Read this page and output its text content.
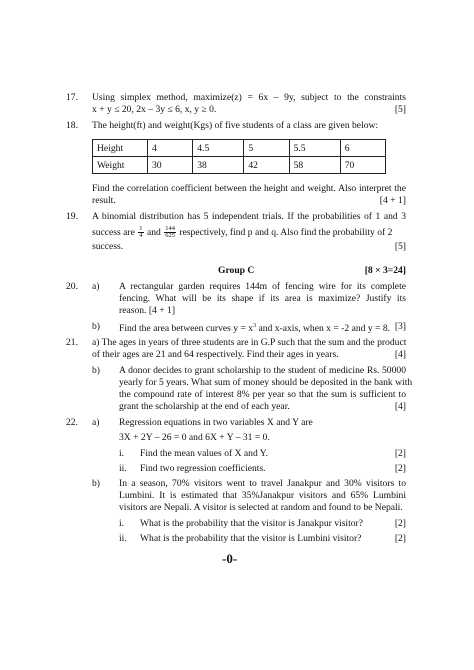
17. Using simplex method, maximize(z) = 6x – 9y, subject to the constraints
x + y ≤ 20, 2x – 3y ≤ 6, x, y ≥ 0.	[5]
18. The height(ft) and weight(Kgs) of five students of a class are given below:
Height	4	4.5	5	5.5	6
Weight	30	38	42	58	70
Find the correlation coefficient between the height and weight. Also interpret the
result.	[4 + 1]
19. A binomial distribution has 5 independent trials. If the probabilities of 1 and 3
success are $\frac{1}{4}$ and $\frac{144}{625}$ respectively, find p and q. Also find the probability of 2
success.	[5]
Group C	[8 × 3=24]
20. a) A rectangular garden requires 144m of fencing wire for its complete
fencing. What will be its shape if its area is maximize? Justify its
reason. [4 + 1]
b) Find the area between curves $y = x^3$ and x-axis, when x = -2 and y = 8. [3]
21. a) The ages in years of three students are in G.P such that the sum and the product
of their ages are 21 and 64 respectively. Find their ages in years.	[4]
b) A donor decides to grant scholarship to the student of medicine Rs. 50000
yearly for 5 years. What sum of money should be deposited in the bank with
the compound rate of interest 8% per year so that the sum is sufficient to
grant the scholarship at the end of each year.	[4]
22. a) Regression equations in two variables X and Y are
3X + 2Y – 26 = 0 and 6X + Y – 31 = 0.
i. Find the mean values of X and Y.	[2]
ii. Find two regression coefficients.	[2]
b) In a season, 70% visitors went to travel Janakpur and 30% visitors to
Lumbini. It is estimated that 35%Janakpur visitors and 65% Lumbini
visitors are Nepali. A visitor is selected at random and found to be Nepali.
i. What is the probability that the visitor is Janakpur visitor?	[2]
ii. What is the probability that the visitor is Lumbini visitor?	[2]
-0-
